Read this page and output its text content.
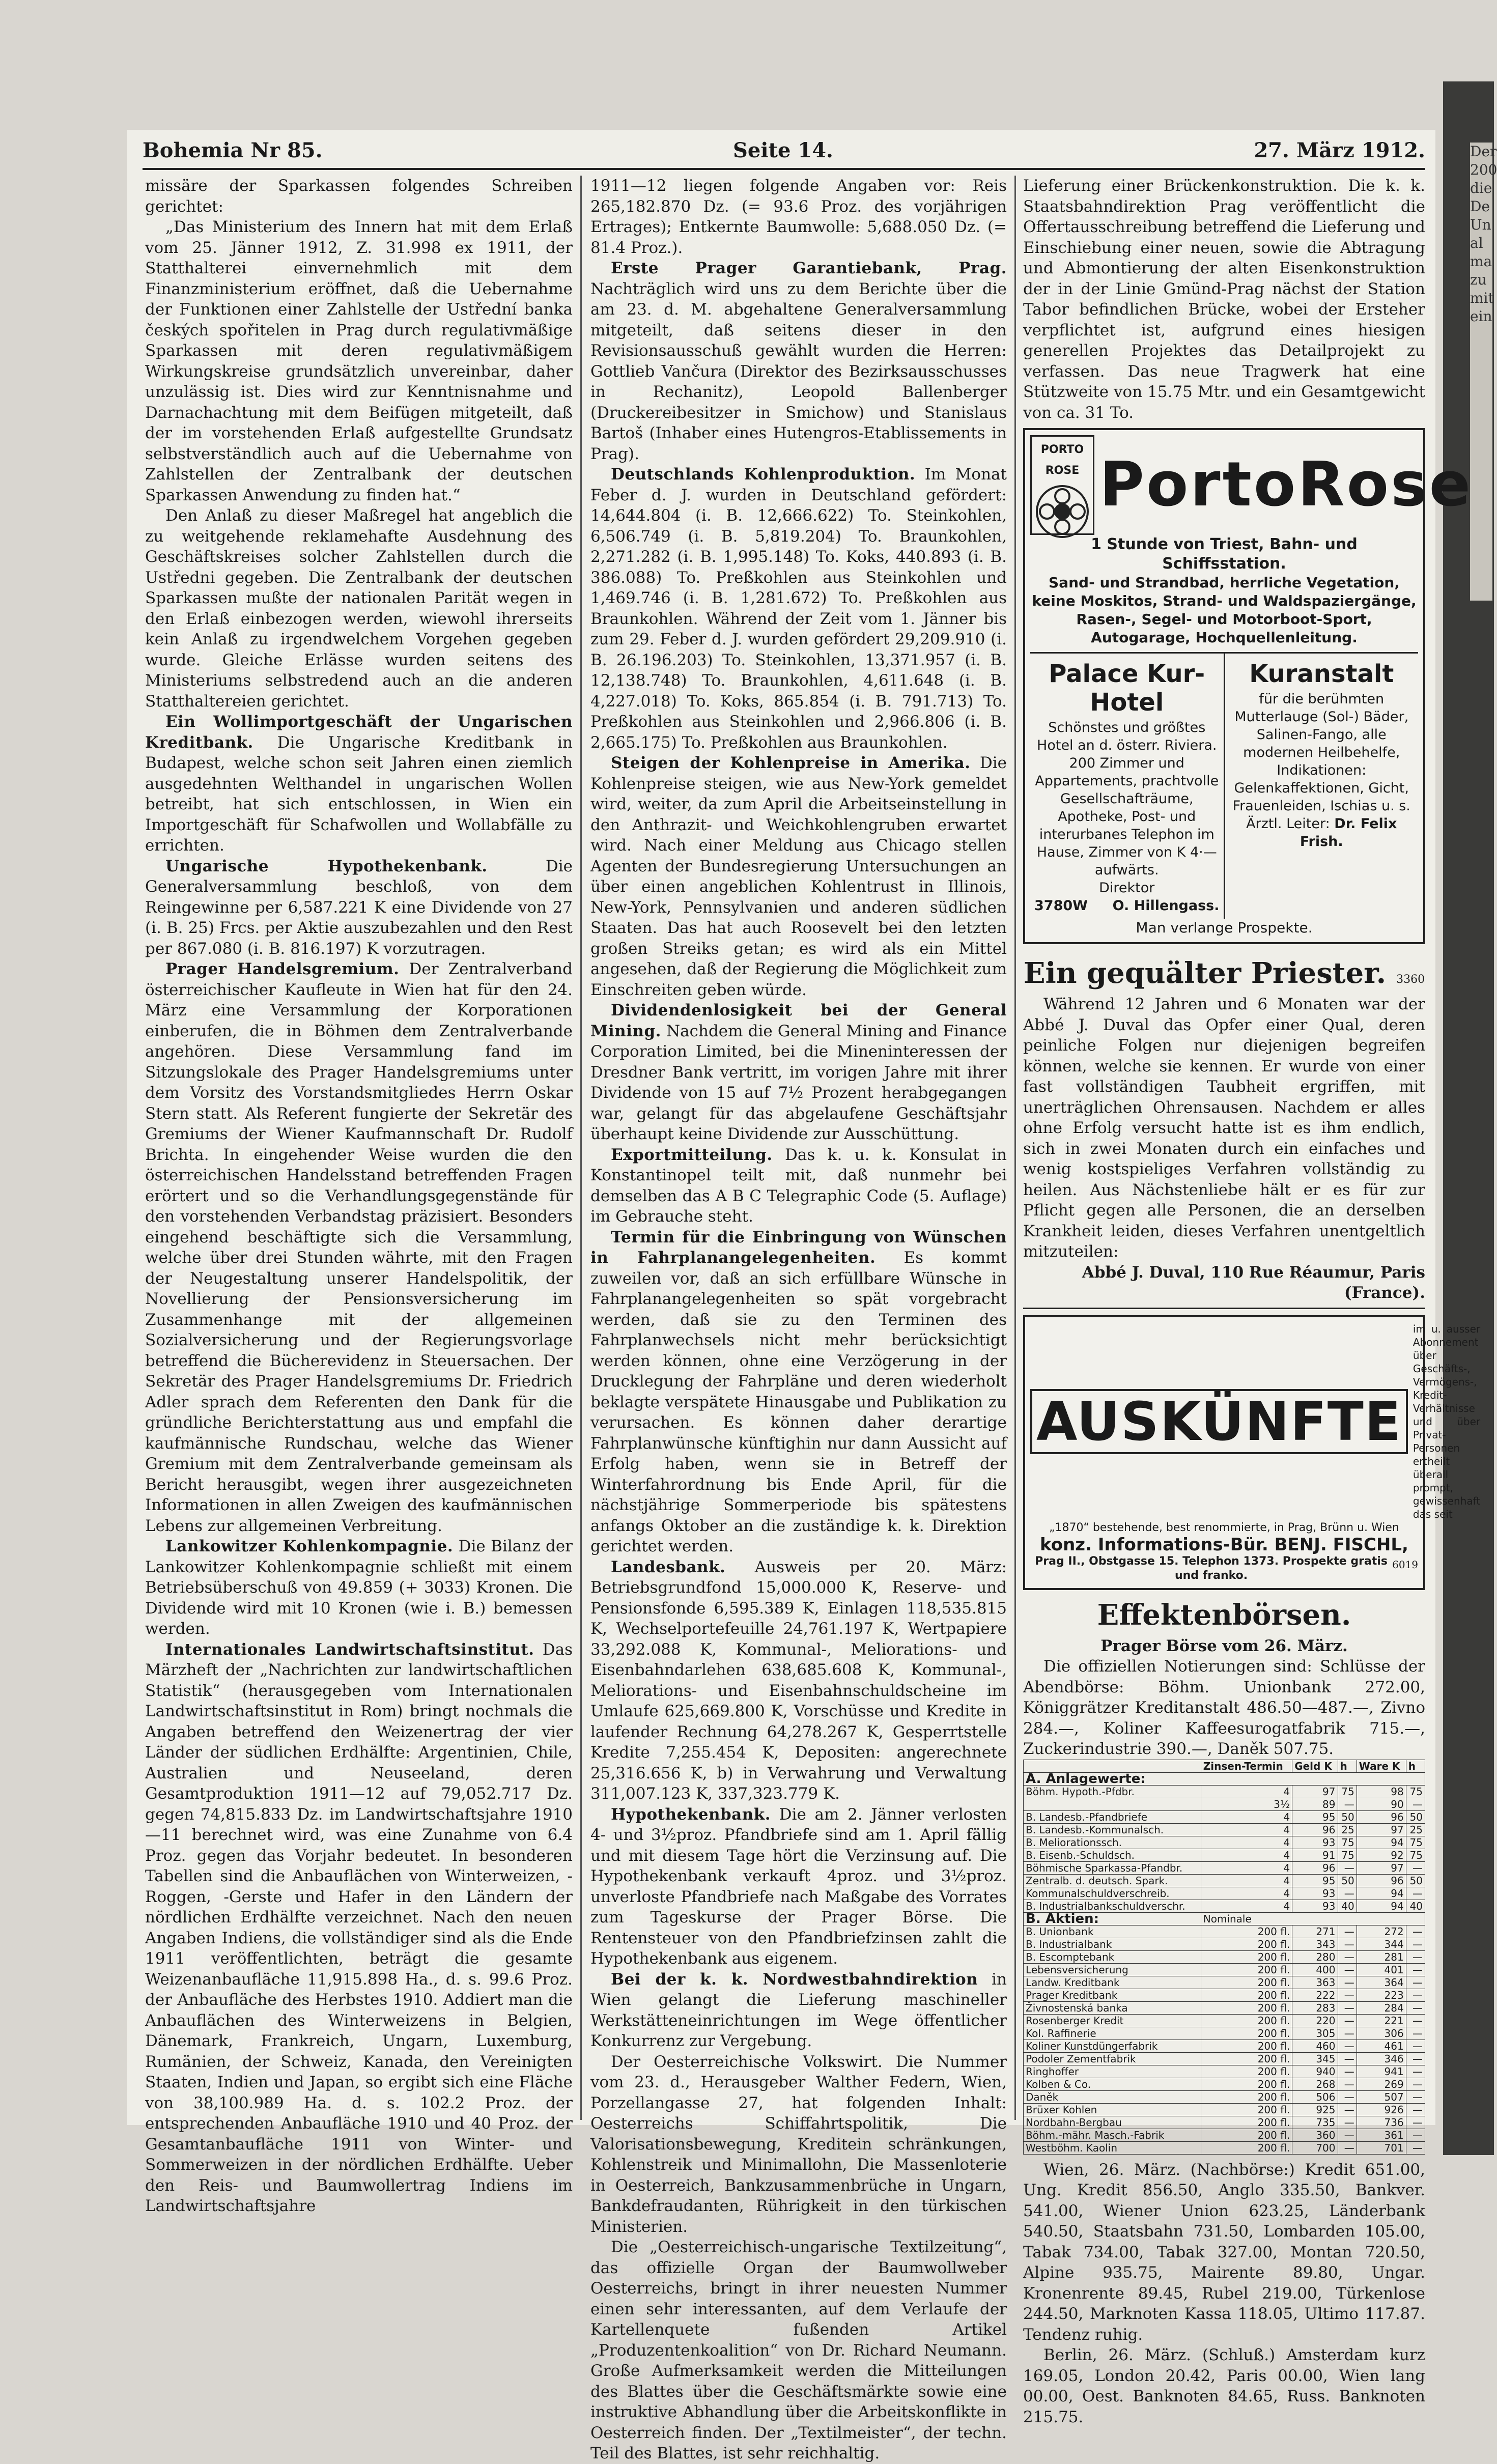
Der
200
die
De
Un
al
ma
zu
mit
ein
Bohemia Nr 85.	Seite 14.	27. März 1912.

missäre der Sparkassen folgendes Schreiben gerichtet:

„Das Ministerium des Innern hat mit dem Erlaß vom 25. Jänner 1912, Z. 31.998 ex 1911, der Statthalterei einvernehmlich mit dem Finanzministerium eröffnet, daß die Uebernahme der Funktionen einer Zahlstelle der Ustřední banka českých spořitelen in Prag durch regulativmäßige Sparkassen mit deren regulativmäßigem Wirkungskreise grundsätzlich unvereinbar, daher unzulässig ist. Dies wird zur Kenntnisnahme und Darnachachtung mit dem Beifügen mitgeteilt, daß der im vorstehenden Erlaß aufgestellte Grundsatz selbstverständlich auch auf die Uebernahme von Zahlstellen der Zentralbank der deutschen Sparkassen Anwendung zu finden hat.“

Den Anlaß zu dieser Maßregel hat angeblich die zu weitgehende reklamehafte Ausdehnung des Geschäftskreises solcher Zahlstellen durch die Ustředni gegeben. Die Zentralbank der deutschen Sparkassen mußte der nationalen Parität wegen in den Erlaß einbezogen werden, wiewohl ihrerseits kein Anlaß zu irgendwelchem Vorgehen gegeben wurde. Gleiche Erlässe wurden seitens des Ministeriums selbstredend auch an die anderen Statthaltereien gerichtet.

Ein Wollimportgeschäft der Ungarischen Kreditbank. Die Ungarische Kreditbank in Budapest, welche schon seit Jahren einen ziemlich ausgedehnten Welthandel in ungarischen Wollen betreibt, hat sich entschlossen, in Wien ein Importgeschäft für Schafwollen und Wollabfälle zu errichten.

Ungarische Hypothekenbank. Die Generalversammlung beschloß, von dem Reingewinne per 6,587.221 K eine Dividende von 27 (i. B. 25) Frcs. per Aktie auszubezahlen und den Rest per 867.080 (i. B. 816.197) K vorzutragen.

Prager Handelsgremium. Der Zentralverband österreichischer Kaufleute in Wien hat für den 24. März eine Versammlung der Korporationen einberufen, die in Böhmen dem Zentralverbande angehören. Diese Versammlung fand im Sitzungslokale des Prager Handelsgremiums unter dem Vorsitz des Vorstandsmitgliedes Herrn Oskar Stern statt. Als Referent fungierte der Sekretär des Gremiums der Wiener Kaufmannschaft Dr. Rudolf Brichta. In eingehender Weise wurden die den österreichischen Handelsstand betreffenden Fragen erörtert und so die Verhandlungsgegenstände für den vorstehenden Verbandstag präzisiert. Besonders eingehend beschäftigte sich die Versammlung, welche über drei Stunden währte, mit den Fragen der Neugestaltung unserer Handelspolitik, der Novellierung der Pensionsversicherung im Zusammenhange mit der allgemeinen Sozialversicherung und der Regierungsvorlage betreffend die Bücherevidenz in Steuersachen. Der Sekretär des Prager Handelsgremiums Dr. Friedrich Adler sprach dem Referenten den Dank für die gründliche Berichterstattung aus und empfahl die kaufmännische Rundschau, welche das Wiener Gremium mit dem Zentralverbande gemeinsam als Bericht herausgibt, wegen ihrer ausgezeichneten Informationen in allen Zweigen des kaufmännischen Lebens zur allgemeinen Verbreitung.

Lankowitzer Kohlenkompagnie. Die Bilanz der Lankowitzer Kohlenkompagnie schließt mit einem Betriebsüberschuß von 49.859 (+ 3033) Kronen. Die Dividende wird mit 10 Kronen (wie i. B.) bemessen werden.

Internationales Landwirtschaftsinstitut. Das Märzheft der „Nachrichten zur landwirtschaftlichen Statistik“ (herausgegeben vom Internationalen Landwirtschaftsinstitut in Rom) bringt nochmals die Angaben betreffend den Weizenertrag der vier Länder der südlichen Erdhälfte: Argentinien, Chile, Australien und Neuseeland, deren Gesamtproduktion 1911—12 auf 79,052.717 Dz. gegen 74,815.833 Dz. im Landwirtschaftsjahre 1910—11 berechnet wird, was eine Zunahme von 6.4 Proz. gegen das Vorjahr bedeutet. In besonderen Tabellen sind die Anbauflächen von Winterweizen, -Roggen, -Gerste und Hafer in den Ländern der nördlichen Erdhälfte verzeichnet. Nach den neuen Angaben Indiens, die vollständiger sind als die Ende 1911 veröffentlichten, beträgt die gesamte Weizenanbaufläche 11,915.898 Ha., d. s. 99.6 Proz. der Anbaufläche des Herbstes 1910. Addiert man die Anbauflächen des Winterweizens in Belgien, Dänemark, Frankreich, Ungarn, Luxemburg, Rumänien, der Schweiz, Kanada, den Vereinigten Staaten, Indien und Japan, so ergibt sich eine Fläche von 38,100.989 Ha. d. s. 102.2 Proz. der entsprechenden Anbaufläche 1910 und 40 Proz. der Gesamtanbaufläche 1911 von Winter- und Sommerweizen in der nördlichen Erdhälfte. Ueber den Reis- und Baumwollertrag Indiens im Landwirtschaftsjahre

1911—12 liegen folgende Angaben vor: Reis 265,182.870 Dz. (= 93.6 Proz. des vorjährigen Ertrages); Entkernte Baumwolle: 5,688.050 Dz. (= 81.4 Proz.).

Erste Prager Garantiebank, Prag. Nachträglich wird uns zu dem Berichte über die am 23. d. M. abgehaltene Generalversammlung mitgeteilt, daß seitens dieser in den Revisionsausschuß gewählt wurden die Herren: Gottlieb Vančura (Direktor des Bezirksausschusses in Rechanitz), Leopold Ballenberger (Druckereibesitzer in Smichow) und Stanislaus Bartoš (Inhaber eines Hutengros-Etablissements in Prag).

Deutschlands Kohlenproduktion. Im Monat Feber d. J. wurden in Deutschland gefördert: 14,644.804 (i. B. 12,666.622) To. Steinkohlen, 6,506.749 (i. B. 5,819.204) To. Braunkohlen, 2,271.282 (i. B. 1,995.148) To. Koks, 440.893 (i. B. 386.088) To. Preßkohlen aus Steinkohlen und 1,469.746 (i. B. 1,281.672) To. Preßkohlen aus Braunkohlen. Während der Zeit vom 1. Jänner bis zum 29. Feber d. J. wurden gefördert 29,209.910 (i. B. 26.196.203) To. Steinkohlen, 13,371.957 (i. B. 12,138.748) To. Braunkohlen, 4,611.648 (i. B. 4,227.018) To. Koks, 865.854 (i. B. 791.713) To. Preßkohlen aus Steinkohlen und 2,966.806 (i. B. 2,665.175) To. Preßkohlen aus Braunkohlen.

Steigen der Kohlenpreise in Amerika. Die Kohlenpreise steigen, wie aus New-York gemeldet wird, weiter, da zum April die Arbeitseinstellung in den Anthrazit- und Weichkohlengruben erwartet wird. Nach einer Meldung aus Chicago stellen Agenten der Bundesregierung Untersuchungen an über einen angeblichen Kohlentrust in Illinois, New-York, Pennsylvanien und anderen südlichen Staaten. Das hat auch Roosevelt bei den letzten großen Streiks getan; es wird als ein Mittel angesehen, daß der Regierung die Möglichkeit zum Einschreiten geben würde.

Dividendenlosigkeit bei der General Mining. Nachdem die General Mining and Finance Corporation Limited, bei die Mineninteressen der Dresdner Bank vertritt, im vorigen Jahre mit ihrer Dividende von 15 auf 7½ Prozent herabgegangen war, gelangt für das abgelaufene Geschäftsjahr überhaupt keine Dividende zur Ausschüttung.

Exportmitteilung. Das k. u. k. Konsulat in Konstantinopel teilt mit, daß nunmehr bei demselben das A B C Telegraphic Code (5. Auflage) im Gebrauche steht.

Termin für die Einbringung von Wünschen in Fahrplanangelegenheiten. Es kommt zuweilen vor, daß an sich erfüllbare Wünsche in Fahrplanangelegenheiten so spät vorgebracht werden, daß sie zu den Terminen des Fahrplanwechsels nicht mehr berücksichtigt werden können, ohne eine Verzögerung in der Drucklegung der Fahrpläne und deren wiederholt beklagte verspätete Hinausgabe und Publikation zu verursachen. Es können daher derartige Fahrplanwünsche künftighin nur dann Aussicht auf Erfolg haben, wenn sie in Betreff der Winterfahrordnung bis Ende April, für die nächstjährige Sommerperiode bis spätestens anfangs Oktober an die zuständige k. k. Direktion gerichtet werden.

Landesbank. Ausweis per 20. März: Betriebsgrundfond 15,000.000 K, Reserve- und Pensionsfonde 6,595.389 K, Einlagen 118,535.815 K, Wechselportefeuille 24,761.197 K, Wertpapiere 33,292.088 K, Kommunal-, Meliorations- und Eisenbahndarlehen 638,685.608 K, Kommunal-, Meliorations- und Eisenbahnschuldscheine im Umlaufe 625,669.800 K, Vorschüsse und Kredite in laufender Rechnung 64,278.267 K, Gesperrtstelle Kredite 7,255.454 K, Depositen: angerechnete 25,316.656 K, b) in Verwahrung und Verwaltung 311,007.123 K, 337,323.779 K.

Hypothekenbank. Die am 2. Jänner verlosten 4- und 3½proz. Pfandbriefe sind am 1. April fällig und mit diesem Tage hört die Verzinsung auf. Die Hypothekenbank verkauft 4proz. und 3½proz. unverloste Pfandbriefe nach Maßgabe des Vorrates zum Tageskurse der Prager Börse. Die Rentensteuer von den Pfandbriefzinsen zahlt die Hypothekenbank aus eigenem.

Bei der k. k. Nordwestbahndirektion in Wien gelangt die Lieferung maschineller Werkstätteneinrichtungen im Wege öffentlicher Konkurrenz zur Vergebung.

Der Oesterreichische Volkswirt. Die Nummer vom 23. d., Herausgeber Walther Federn, Wien, Porzellangasse 27, hat folgenden Inhalt: Oesterreichs Schiffahrtspolitik, Die Valorisationsbewegung, Kreditein schränkungen, Kohlenstreik und Minimallohn, Die Massenloterie in Oesterreich, Bankzusammenbrüche in Ungarn, Bankdefraudanten, Rührigkeit in den türkischen Ministerien.

Die „Oesterreichisch-ungarische Textilzeitung“, das offizielle Organ der Baumwollweber Oesterreichs, bringt in ihrer neuesten Nummer einen sehr interessanten, auf dem Verlaufe der Kartellenquete fußenden Artikel „Produzentenkoalition“ von Dr. Richard Neumann. Große Aufmerksamkeit werden die Mitteilungen des Blattes über die Geschäftsmärkte sowie eine instruktive Abhandlung über die Arbeitskonflikte in Oesterreich finden. Der „Textilmeister“, der techn. Teil des Blattes, ist sehr reichhaltig.

Lieferung einer Brückenkonstruktion. Die k. k. Staatsbahndirektion Prag veröffentlicht die Offertausschreibung betreffend die Lieferung und Einschiebung einer neuen, sowie die Abtragung und Abmontierung der alten Eisenkonstruktion der in der Linie Gmünd-Prag nächst der Station Tabor befindlichen Brücke, wobei der Ersteher verpflichtet ist, aufgrund eines hiesigen generellen Projektes das Detailprojekt zu verfassen. Das neue Tragwerk hat eine Stützweite von 15.75 Mtr. und ein Gesamtgewicht von ca. 31 To.

PORTO ROSE PortoRose
1 Stunde von Triest, Bahn- und Schiffsstation.
Sand- und Strandbad, herrliche Vegetation, keine Moskitos, Strand- und Waldspaziergänge, Rasen-, Segel- und Motorboot-Sport, Autogarage, Hochquellenleitung.
Palace Kur-Hotel
Schönstes und größtes Hotel an d. österr. Riviera. 200 Zimmer und Appartements, prachtvolle Gesellschafträume, Apotheke, Post- und interurbanes Telephon im Hause, Zimmer von K 4·— aufwärts.
Direktor
3780W O. Hillengass.
Kuranstalt
für die berühmten Mutterlauge (Sol-) Bäder, Salinen-Fango, alle modernen Heilbehelfe, Indikationen: Gelenkaffektionen, Gicht, Frauenleiden, Ischias u. s.
Ärztl. Leiter: Dr. Felix Frish.
Man verlange Prospekte.
Ein gequälter Priester. 3360

Während 12 Jahren und 6 Monaten war der Abbé J. Duval das Opfer einer Qual, deren peinliche Folgen nur diejenigen begreifen können, welche sie kennen. Er wurde von einer fast vollständigen Taubheit ergriffen, mit unerträglichen Ohrensausen. Nachdem er alles ohne Erfolg versucht hatte ist es ihm endlich, sich in zwei Monaten durch ein einfaches und wenig kostspieliges Verfahren vollständig zu heilen. Aus Nächstenliebe hält er es für zur Pflicht gegen alle Personen, die an derselben Krankheit leiden, dieses Verfahren unentgeltlich mitzuteilen:

Abbé J. Duval, 110 Rue Réaumur, Paris (France).

AUSKÜNFTE
im u. ausser Abonnement über Geschäfts-, Vermögens-, Kredit-Verhältnisse und über Privat-Personen ertheilt überall prompt, gewissenhaft das seit
„1870“ bestehende, best renommierte, in Prag, Brünn u. Wien
konz. Informations-Bür. BENJ. FISCHL,
Prag II., Obstgasse 15. Telephon 1373. Prospekte gratis und franko.
6019
Effektenbörsen.
Prager Börse vom 26. März.

Die offiziellen Notierungen sind: Schlüsse der Abendbörse: Böhm. Unionbank 272.00, Königgrätzer Kreditanstalt 486.50—487.—, Zivno 284.—, Koliner Kaffeesurogatfabrik 715.—, Zuckerindustrie 390.—, Daněk 507.75.

	Zinsen-Termin	Geld K	h	Ware K	h
A. Anlagewerte:					
Böhm. Hypoth.-Pfdbr.	4	97	75	98	75
	3½	89	—	90	—
B. Landesb.-Pfandbriefe	4	95	50	96	50
B. Landesb.-Kommunalsch.	4	96	25	97	25
B. Meliorationssch.	4	93	75	94	75
B. Eisenb.-Schuldsch.	4	91	75	92	75
Böhmische Sparkassa-Pfandbr.	4	96	—	97	—
Zentralb. d. deutsch. Spark.	4	95	50	96	50
Kommunalschuldverschreib.	4	93	—	94	—
B. Industrialbankschuldverschr.	4	93	40	94	40
B. Aktien:	Nominale				
B. Unionbank	200 fl.	271	—	272	—
B. Industrialbank	200 fl.	343	—	344	—
B. Escomptebank	200 fl.	280	—	281	—
Lebensversicherung	200 fl.	400	—	401	—
Landw. Kreditbank	200 fl.	363	—	364	—
Prager Kreditbank	200 fl.	222	—	223	—
Živnostenská banka	200 fl.	283	—	284	—
Rosenberger Kredit	200 fl.	220	—	221	—
Kol. Raffinerie	200 fl.	305	—	306	—
Koliner Kunstdüngerfabrik	200 fl.	460	—	461	—
Podoler Zementfabrik	200 fl.	345	—	346	—
Ringhoffer	200 fl.	940	—	941	—
Kolben & Co.	200 fl.	268	—	269	—
Daněk	200 fl.	506	—	507	—
Brüxer Kohlen	200 fl.	925	—	926	—
Nordbahn-Bergbau	200 fl.	735	—	736	—
Böhm.-mähr. Masch.-Fabrik	200 fl.	360	—	361	—
Westböhm. Kaolin	200 fl.	700	—	701	—

Wien, 26. März. (Nachbörse:) Kredit 651.00, Ung. Kredit 856.50, Anglo 335.50, Bankver. 541.00, Wiener Union 623.25, Länderbank 540.50, Staatsbahn 731.50, Lombarden 105.00, Tabak 734.00, Tabak 327.00, Montan 720.50, Alpine 935.75, Mairente 89.80, Ungar. Kronenrente 89.45, Rubel 219.00, Türkenlose 244.50, Marknoten Kassa 118.05, Ultimo 117.87. Tendenz ruhig.

Berlin, 26. März. (Schluß.) Amsterdam kurz 169.05, London 20.42, Paris 00.00, Wien lang 00.00, Oest. Banknoten 84.65, Russ. Banknoten 215.75.
